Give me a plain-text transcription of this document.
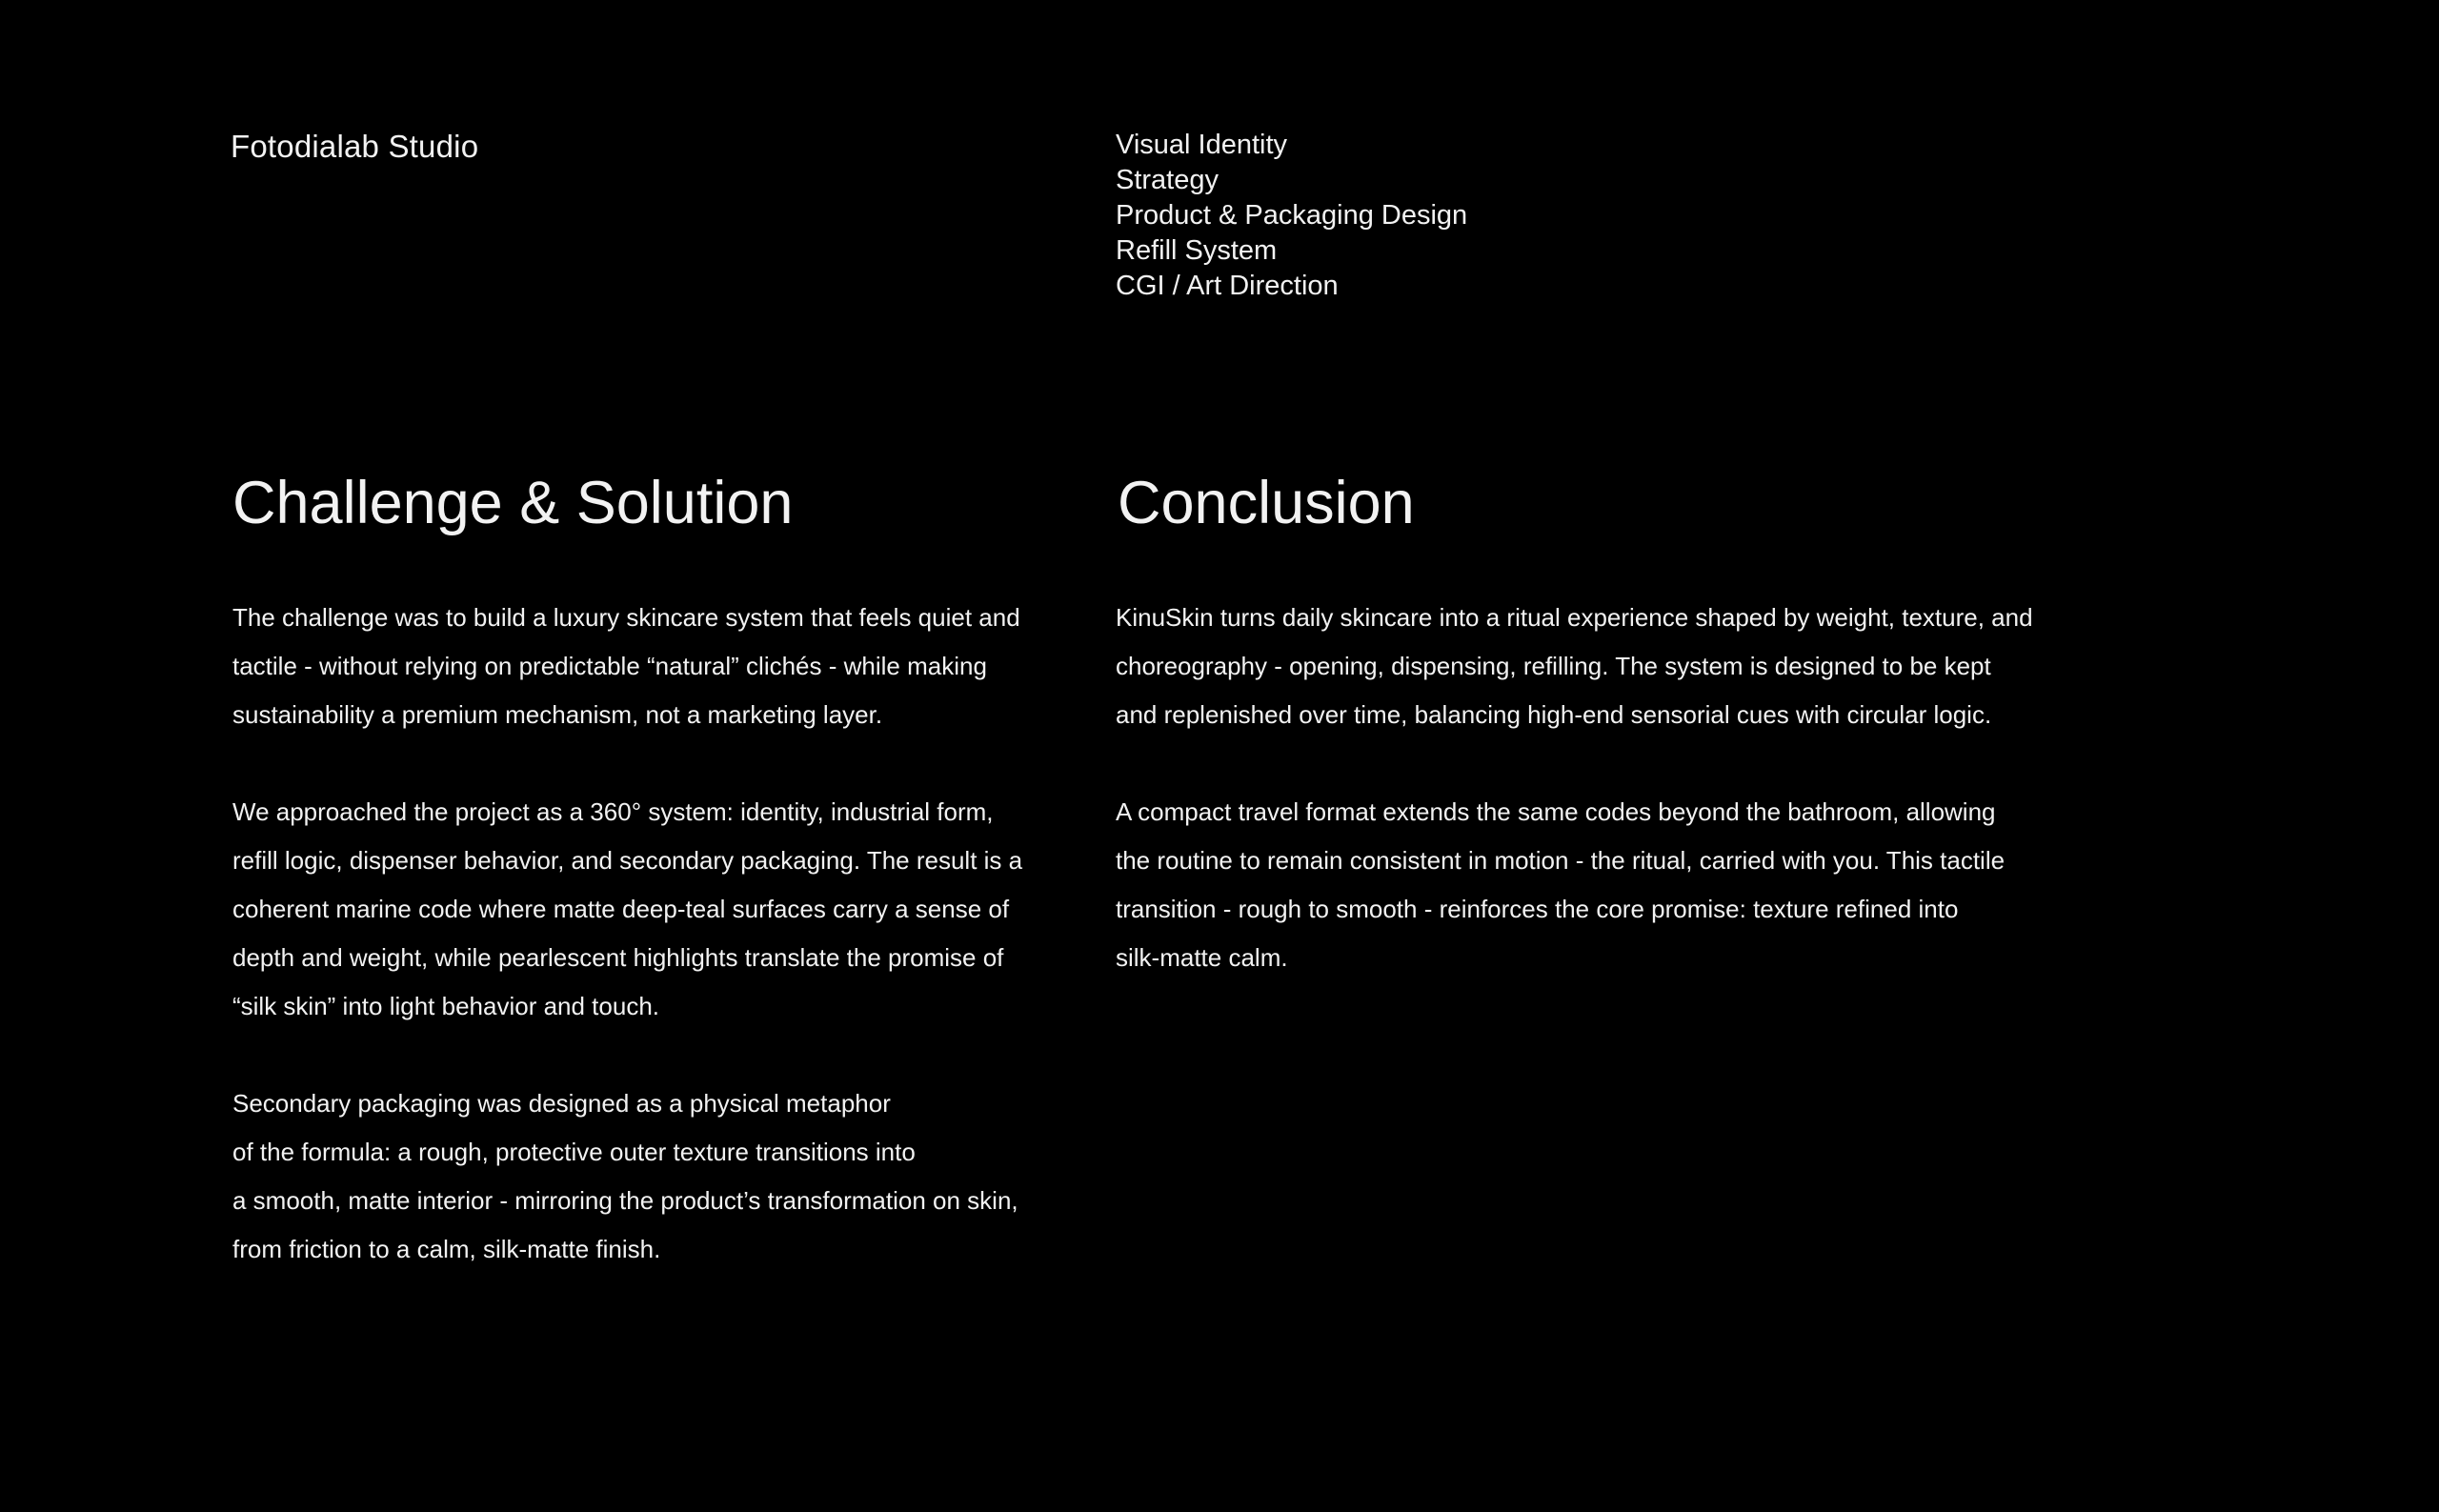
Fotodialab Studio	Visual Identity
Strategy
Product & Packaging Design
Refill System
CGI / Art Direction
Challenge & Solution	Conclusion

The challenge was to build a luxury skincare system that feels quiet and
tactile - without relying on predictable “natural” clichés - while making
sustainability a premium mechanism, not a marketing layer.

We approached the project as a 360° system: identity, industrial form,
refill logic, dispenser behavior, and secondary packaging. The result is a
coherent marine code where matte deep-teal surfaces carry a sense of
depth and weight, while pearlescent highlights translate the promise of
“silk skin” into light behavior and touch.

Secondary packaging was designed as a physical metaphor
of the formula: a rough, protective outer texture transitions into
a smooth, matte interior - mirroring the product’s transformation on skin,
from friction to a calm, silk-matte finish.

KinuSkin turns daily skincare into a ritual experience shaped by weight, texture, and
choreography - opening, dispensing, refilling. The system is designed to be kept
and replenished over time, balancing high-end sensorial cues with circular logic.

A compact travel format extends the same codes beyond the bathroom, allowing
the routine to remain consistent in motion - the ritual, carried with you. This tactile
transition - rough to smooth - reinforces the core promise: texture refined into
silk-matte calm.
